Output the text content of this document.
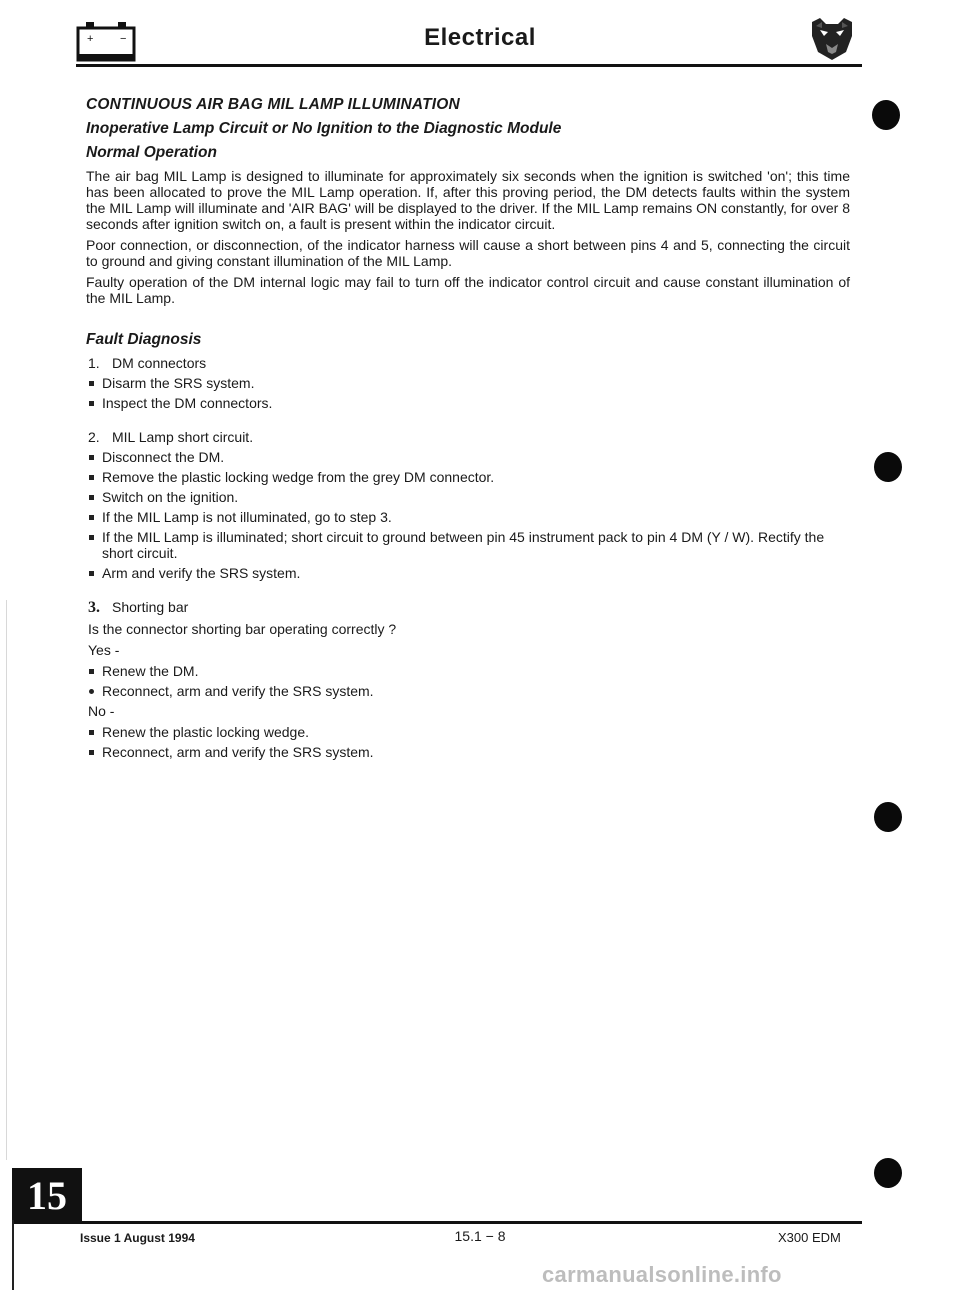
+ −	Electrical
CONTINUOUS AIR BAG MIL LAMP ILLUMINATION
Inoperative Lamp Circuit or No Ignition to the Diagnostic Module
Normal Operation

The air bag MIL Lamp is designed to illuminate for approximately six seconds when the ignition is switched 'on'; this time has been allocated to prove the MIL Lamp operation. If, after this proving period, the DM detects faults within the system the MIL Lamp will illuminate and 'AIR BAG' will be displayed to the driver. If the MIL Lamp remains ON constantly, for over 8 seconds after ignition switch on, a fault is present within the indicator circuit.

Poor connection, or disconnection, of the indicator harness will cause a short between pins 4 and 5, connecting the circuit to ground and giving constant illumination of the MIL Lamp.

Faulty operation of the DM internal logic may fail to turn off the indicator control circuit and cause constant illumination of the MIL Lamp.

Fault Diagnosis
1. DM connectors
Disarm the SRS system.
Inspect the DM connectors.
2. MIL Lamp short circuit.
Disconnect the DM.
Remove the plastic locking wedge from the grey DM connector.
Switch on the ignition.
If the MIL Lamp is not illuminated, go to step 3.
If the MIL Lamp is illuminated; short circuit to ground between pin 45 instrument pack to pin 4 DM (Y / W). Rectify the short circuit.
Arm and verify the SRS system.
3. Shorting bar
Is the connector shorting bar operating correctly ?
Yes -
Renew the DM.
Reconnect, arm and verify the SRS system.
No -
Renew the plastic locking wedge.
Reconnect, arm and verify the SRS system.
15
Issue 1 August 1994	15.1 − 8	X300 EDM
carmanualsonline.info
